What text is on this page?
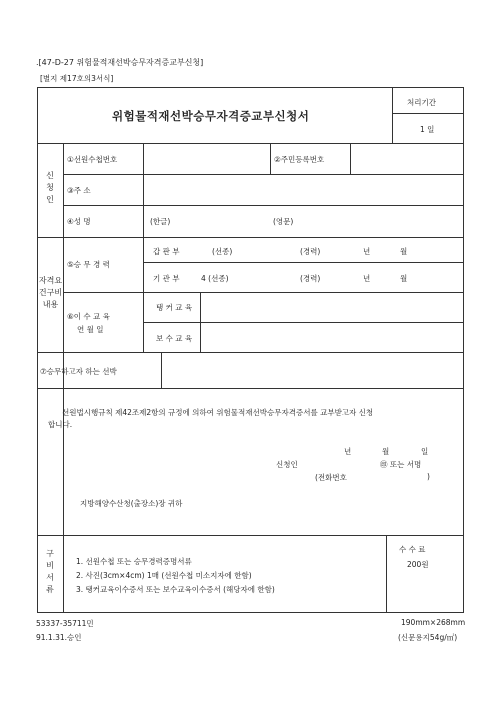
.[47-D-27 위험물적재선박승무자격증교부신청]
[별지 제17호의3서식]
위험물적재선박승무자격증교부신청서
처리기간
1 일
신
청
인
①선원수첩번호	②주민등록번호
③주 소
④성 명	(한글)	(영문)
자격요
건구비
내용
⑤승 무 경 력
갑 판 부	(선종)	(경력)	년	월
기 관 부	4 (선종)	(경력)	년	월
⑥이 수 교 육
연 월 일
탱 커 교 육
보 수 교 육
⑦승무하고자 하는 선박
선원법시행규칙 제42조제2항의 규정에 의하여 위험물적재선박승무자격증서를 교부받고자 신청
합니다.
년	월	일
신청인	㊞ 또는 서명
(전화번호	)
지방해양수산청(출장소)장 귀하
구
비
서
류
1. 선원수첩 또는 승무경력증명서류
2. 사진(3cm×4cm) 1매 (선원수첩 미소지자에 한함)
3. 탱커교육이수증서 또는 보수교육이수증서 (해당자에 한함)
수 수 료
200원
53337-35711민
91.1.31.승인
190mm×268mm
(신문용지54g/㎡)
